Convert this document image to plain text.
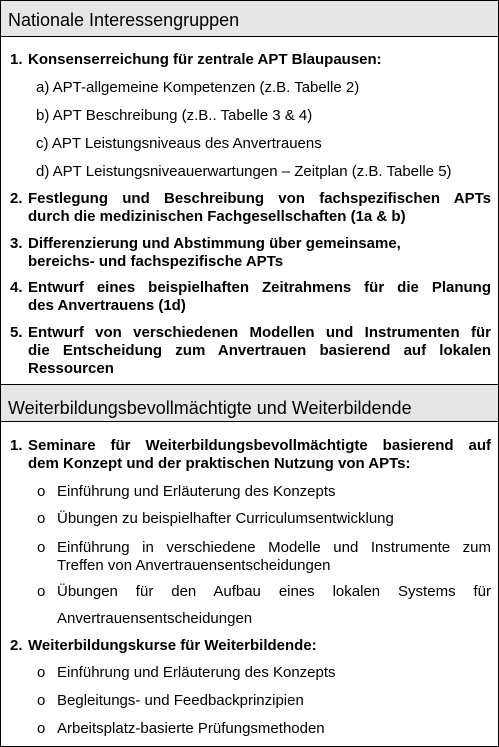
Nationale Interessengruppen
1. Konsenserreichung für zentrale APT Blaupausen:
a) APT-allgemeine Kompetenzen (z.B. Tabelle 2)
b) APT Beschreibung (z.B.. Tabelle 3 & 4)
c) APT Leistungsniveaus des Anvertrauens
d) APT Leistungsniveauerwartungen – Zeitplan (z.B. Tabelle 5)
2. Festlegung und Beschreibung von fachspezifischen APTs
durch die medizinischen Fachgesellschaften (1a & b)
3. Differenzierung und Abstimmung über gemeinsame,
bereichs- und fachspezifische APTs
4. Entwurf eines beispielhaften Zeitrahmens für die Planung
des Anvertrauens (1d)
5. Entwurf von verschiedenen Modellen und Instrumenten für
die Entscheidung zum Anvertrauen basierend auf lokalen
Ressourcen
Weiterbildungsbevollmächtigte und Weiterbildende
1. Seminare für Weiterbildungsbevollmächtigte basierend auf
dem Konzept und der praktischen Nutzung von APTs:
o Einführung und Erläuterung des Konzepts
o Übungen zu beispielhafter Curriculumsentwicklung
o Einführung in verschiedene Modelle und Instrumente zum
Treffen von Anvertrauensentscheidungen
o Übungen für den Aufbau eines lokalen Systems für
Anvertrauensentscheidungen
2. Weiterbildungskurse für Weiterbildende:
o Einführung und Erläuterung des Konzepts
o Begleitungs- und Feedbackprinzipien
o Arbeitsplatz-basierte Prüfungsmethoden
